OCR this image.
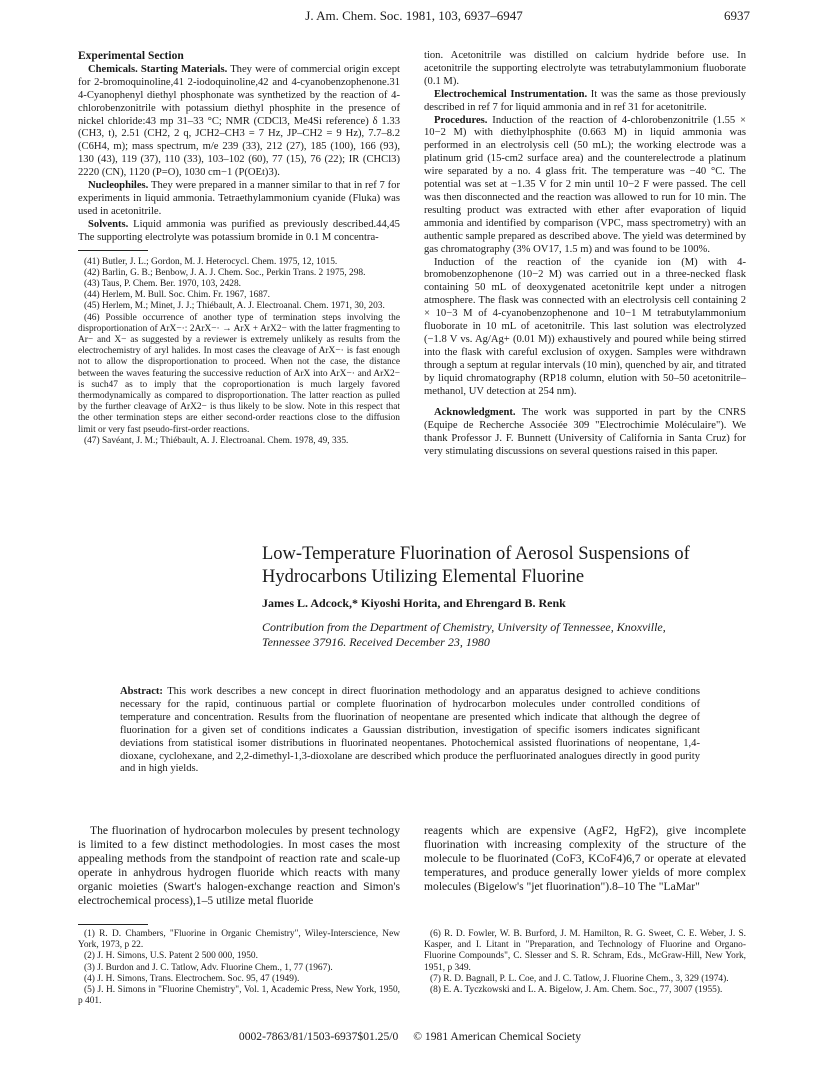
J. Am. Chem. Soc. 1981, 103, 6937–6947	6937
Experimental Section

Chemicals. Starting Materials. They were of commercial origin except for 2-bromoquinoline,41 2-iodoquinoline,42 and 4-cyanobenzophenone.31 4-Cyanophenyl diethyl phosphonate was synthetized by the reaction of 4-chlorobenzonitrile with potassium diethyl phosphite in the presence of nickel chloride:43 mp 31–33 °C; NMR (CDCl3, Me4Si reference) δ 1.33 (CH3, t), 2.51 (CH2, 2 q, JCH2–CH3 = 7 Hz, JP–CH2 = 9 Hz), 7.7–8.2 (C6H4, m); mass spectrum, m/e 239 (33), 212 (27), 185 (100), 166 (93), 130 (43), 119 (37), 110 (33), 103–102 (60), 77 (15), 76 (22); IR (CHCl3) 2220 (CN), 1120 (P=O), 1030 cm−1 (P(OEt)3).

Nucleophiles. They were prepared in a manner similar to that in ref 7 for experiments in liquid ammonia. Tetraethylammonium cyanide (Fluka) was used in acetonitrile.

Solvents. Liquid ammonia was purified as previously described.44,45 The supporting electrolyte was potassium bromide in 0.1 M concentra-

(41) Butler, J. L.; Gordon, M. J. Heterocycl. Chem. 1975, 12, 1015.

(42) Barlin, G. B.; Benbow, J. A. J. Chem. Soc., Perkin Trans. 2 1975, 298.

(43) Taus, P. Chem. Ber. 1970, 103, 2428.

(44) Herlem, M. Bull. Soc. Chim. Fr. 1967, 1687.

(45) Herlem, M.; Minet, J. J.; Thiébault, A. J. Electroanal. Chem. 1971, 30, 203.

(46) Possible occurrence of another type of termination steps involving the disproportionation of ArX−·: 2ArX−· → ArX + ArX2− with the latter fragmenting to Ar− and X− as suggested by a reviewer is extremely unlikely as results from the electrochemistry of aryl halides. In most cases the cleavage of ArX−· is fast enough not to allow the disproportionation to proceed. When not the case, the distance between the waves featuring the successive reduction of ArX into ArX−· and ArX2− is such47 as to imply that the coproportionation is much largely favored thermodynamically as compared to disproportionation. The latter reaction as pulled by the further cleavage of ArX2− is thus likely to be slow. Note in this respect that the other termination steps are either second-order reactions close to the diffusion limit or very fast pseudo-first-order reactions.

(47) Savéant, J. M.; Thiébault, A. J. Electroanal. Chem. 1978, 49, 335.

tion. Acetonitrile was distilled on calcium hydride before use. In acetonitrile the supporting electrolyte was tetrabutylammonium fluoborate (0.1 M).

Electrochemical Instrumentation. It was the same as those previously described in ref 7 for liquid ammonia and in ref 31 for acetonitrile.

Procedures. Induction of the reaction of 4-chlorobenzonitrile (1.55 × 10−2 M) with diethylphosphite (0.663 M) in liquid ammonia was performed in an electrolysis cell (50 mL); the working electrode was a platinum grid (15-cm2 surface area) and the counterelectrode a platinum wire separated by a no. 4 glass frit. The temperature was −40 °C. The potential was set at −1.35 V for 2 min until 10−2 F were passed. The cell was then disconnected and the reaction was allowed to run for 10 min. The resulting product was extracted with ether after evaporation of liquid ammonia and identified by comparison (VPC, mass spectrometry) with an authentic sample prepared as described above. The yield was determined by gas chromatography (3% OV17, 1.5 m) and was found to be 100%.

Induction of the reaction of the cyanide ion (M) with 4-bromobenzophenone (10−2 M) was carried out in a three-necked flask containing 50 mL of deoxygenated acetonitrile kept under a nitrogen atmosphere. The flask was connected with an electrolysis cell containing 2 × 10−3 M of 4-cyanobenzophenone and 10−1 M tetrabutylammonium fluoborate in 10 mL of acetonitrile. This last solution was electrolyzed (−1.8 V vs. Ag/Ag+ (0.01 M)) exhaustively and poured while being stirred into the flask with careful exclusion of oxygen. Samples were withdrawn through a septum at regular intervals (10 min), quenched by air, and titrated by liquid chromatography (RP18 column, elution with 50–50 acetonitrile–methanol, UV detection at 254 nm).

Acknowledgment. The work was supported in part by the CNRS (Equipe de Recherche Associée 309 "Electrochimie Moléculaire"). We thank Professor J. F. Bunnett (University of California in Santa Cruz) for very stimulating discussions on several questions raised in this paper.

Low-Temperature Fluorination of Aerosol Suspensions of Hydrocarbons Utilizing Elemental Fluorine
James L. Adcock,* Kiyoshi Horita, and Ehrengard B. Renk
Contribution from the Department of Chemistry, University of Tennessee, Knoxville, Tennessee 37916. Received December 23, 1980
Abstract: This work describes a new concept in direct fluorination methodology and an apparatus designed to achieve conditions necessary for the rapid, continuous partial or complete fluorination of hydrocarbon molecules under controlled conditions of temperature and concentration. Results from the fluorination of neopentane are presented which indicate that although the degree of fluorination for a given set of conditions indicates a Gaussian distribution, investigation of specific isomers indicates significant deviations from statistical isomer distributions in fluorinated neopentanes. Photochemical assisted fluorinations of neopentane, 1,4-dioxane, cyclohexane, and 2,2-dimethyl-1,3-dioxolane are described which produce the perfluorinated analogues directly in good purity and in high yields.

The fluorination of hydrocarbon molecules by present technology is limited to a few distinct methodologies. In most cases the most appealing methods from the standpoint of reaction rate and scale-up operate in anhydrous hydrogen fluoride which reacts with many organic moieties (Swart's halogen-exchange reaction and Simon's electrochemical process),1–5 utilize metal fluoride

reagents which are expensive (AgF2, HgF2), give incomplete fluorination with increasing complexity of the structure of the molecule to be fluorinated (CoF3, KCoF4)6,7 or operate at elevated temperatures, and produce generally lower yields of more complex molecules (Bigelow's "jet fluorination").8–10 The "LaMar"

(1) R. D. Chambers, "Fluorine in Organic Chemistry", Wiley-Interscience, New York, 1973, p 22.

(2) J. H. Simons, U.S. Patent 2 500 000, 1950.

(3) J. Burdon and J. C. Tatlow, Adv. Fluorine Chem., 1, 77 (1967).

(4) J. H. Simons, Trans. Electrochem. Soc. 95, 47 (1949).

(5) J. H. Simons in "Fluorine Chemistry", Vol. 1, Academic Press, New York, 1950, p 401.

(6) R. D. Fowler, W. B. Burford, J. M. Hamilton, R. G. Sweet, C. E. Weber, J. S. Kasper, and I. Litant in "Preparation, and Technology of Fluorine and Organo-Fluorine Compounds", C. Slesser and S. R. Schram, Eds., McGraw-Hill, New York, 1951, p 349.

(7) R. D. Bagnall, P. L. Coe, and J. C. Tatlow, J. Fluorine Chem., 3, 329 (1974).

(8) E. A. Tyczkowski and L. A. Bigelow, J. Am. Chem. Soc., 77, 3007 (1955).

0002-7863/81/1503-6937$01.25/0 © 1981 American Chemical Society
